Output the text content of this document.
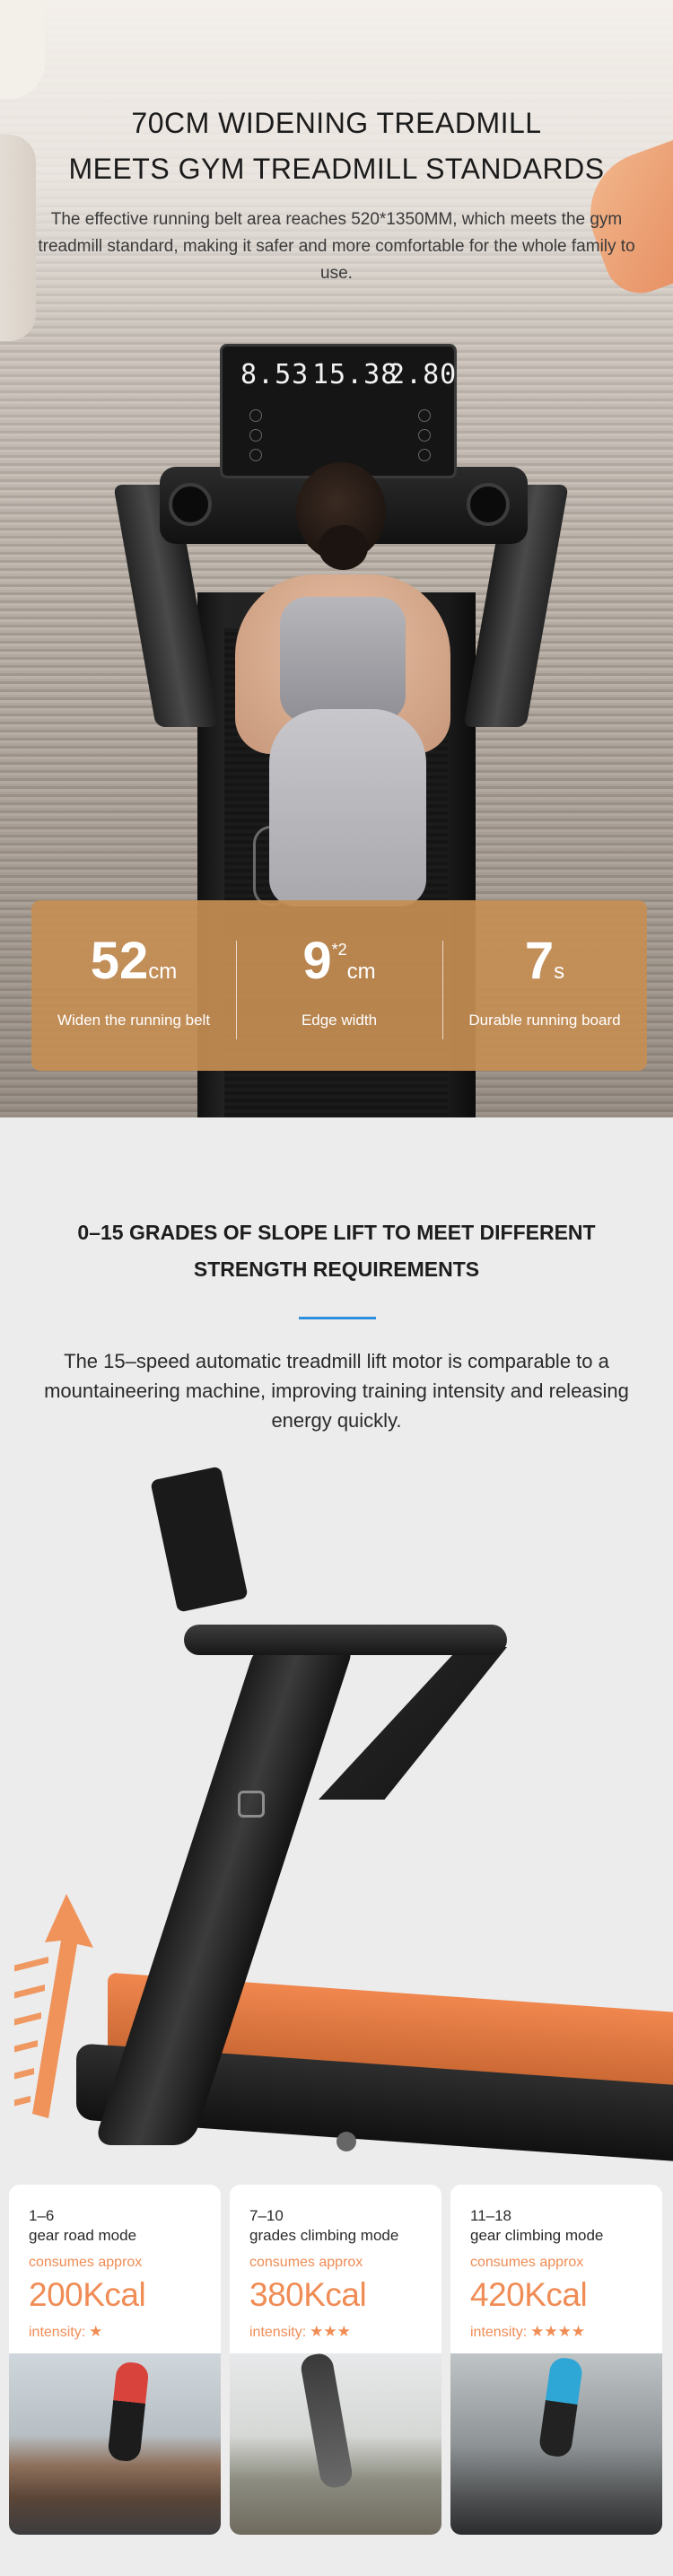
70CM WIDENING TREADMILL
MEETS GYM TREADMILL STANDARDS

The effective running belt area reaches 520*1350MM, which meets the gym treadmill standard, making it safer and more comfortable for the whole family to use.

8.53 15.38
2.80
52cm
Widen the running belt
9$^{*2}$cm
Edge width
7s
Durable running board
0–15 GRADES OF SLOPE LIFT TO MEET DIFFERENT
STRENGTH REQUIREMENTS

The 15–speed automatic treadmill lift motor is comparable to a mountaineering machine, improving training intensity and releasing energy quickly.

1–6
gear road mode
consumes approx
200Kcal
intensity: ★
7–10
grades climbing mode
consumes approx
380Kcal
intensity: ★★★
11–18
gear climbing mode
consumes approx
420Kcal
intensity: ★★★★
